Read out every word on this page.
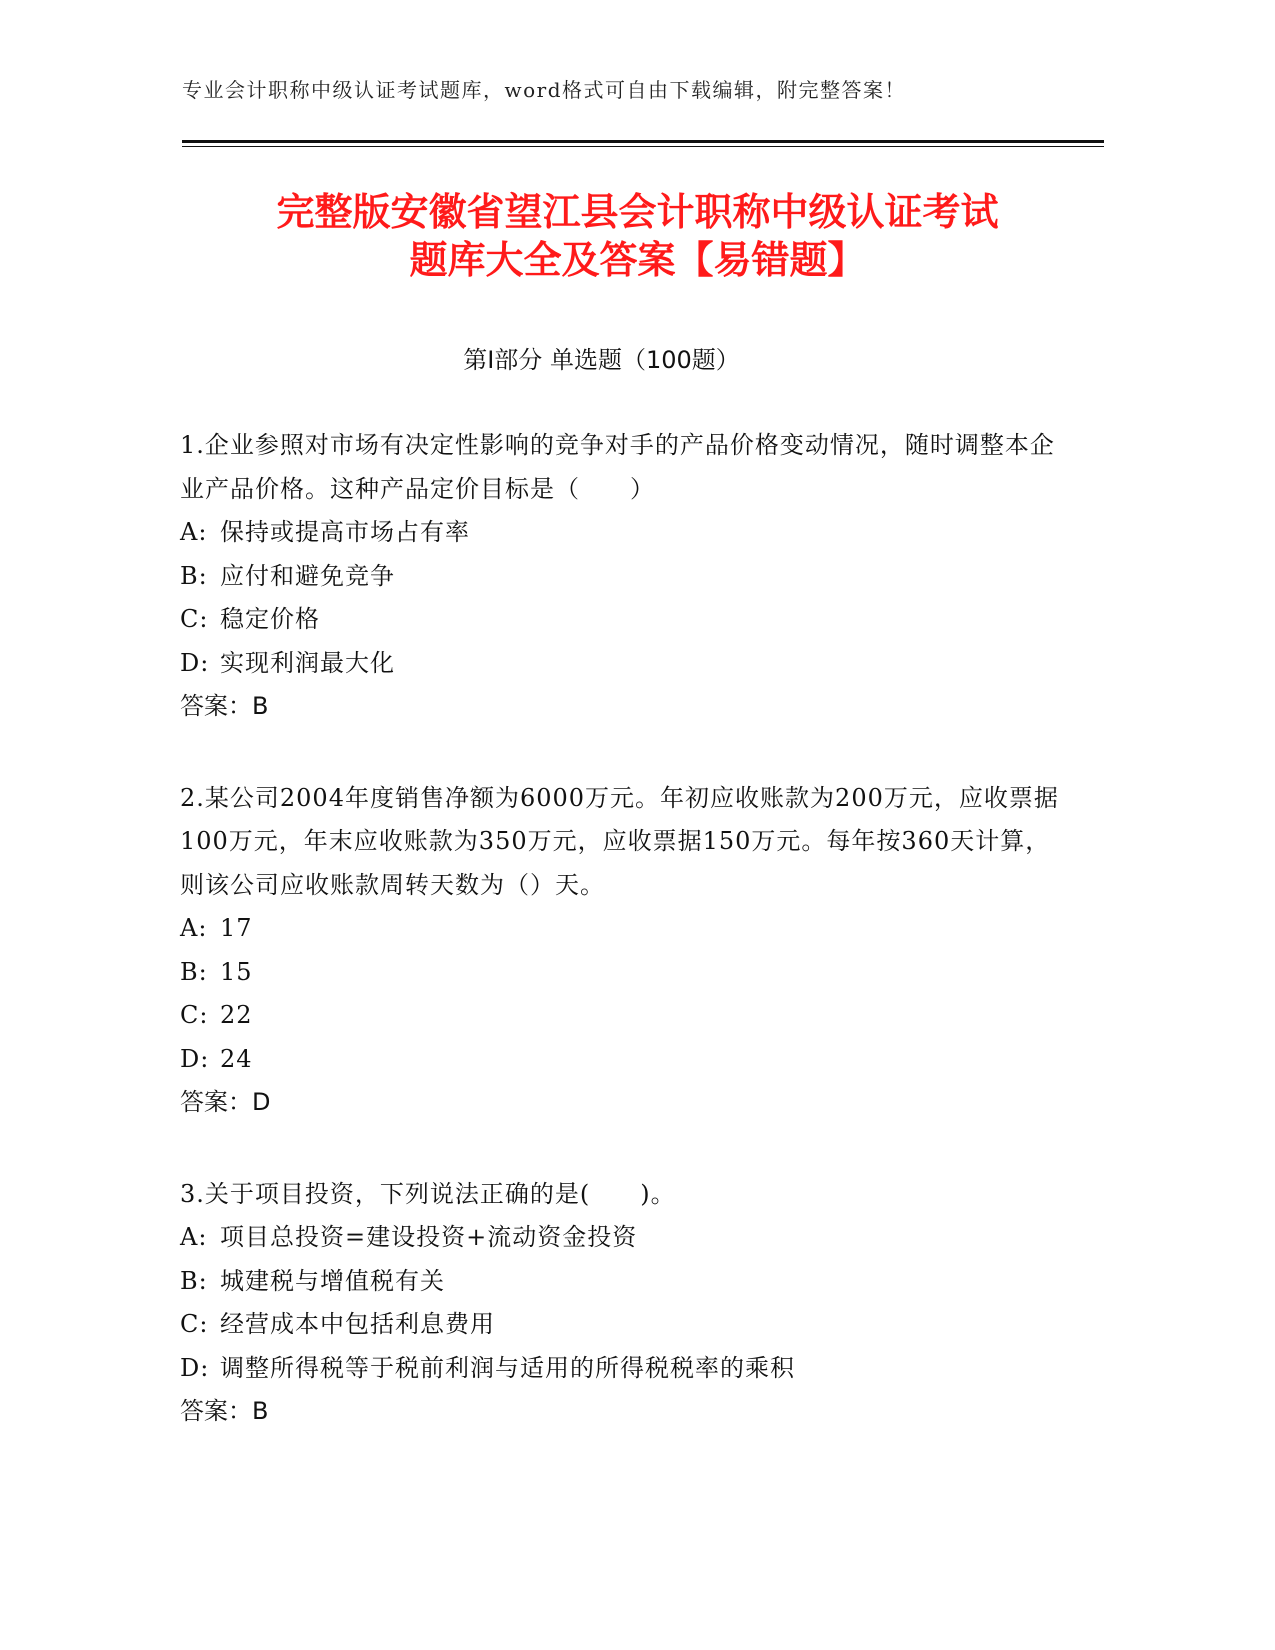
专业会计职称中级认证考试题库，word格式可自由下载编辑，附完整答案！
完整版安徽省望江县会计职称中级认证考试
题库大全及答案【易错题】
第I部分 单选题（100题）
1.企业参照对市场有决定性影响的竞争对手的产品价格变动情况，随时调整本企业产品价格。这种产品定价目标是（　　）
A: 保持或提高市场占有率
B: 应付和避免竞争
C: 稳定价格
D: 实现利润最大化
答案：B
2.某公司2004年度销售净额为6000万元。年初应收账款为200万元，应收票据100万元，年末应收账款为350万元，应收票据150万元。每年按360天计算，则该公司应收账款周转天数为（）天。
A: 17
B: 15
C: 22
D: 24
答案：D
3.关于项目投资，下列说法正确的是(　　)。
A: 项目总投资=建设投资+流动资金投资
B: 城建税与增值税有关
C: 经营成本中包括利息费用
D: 调整所得税等于税前利润与适用的所得税税率的乘积
答案：B
